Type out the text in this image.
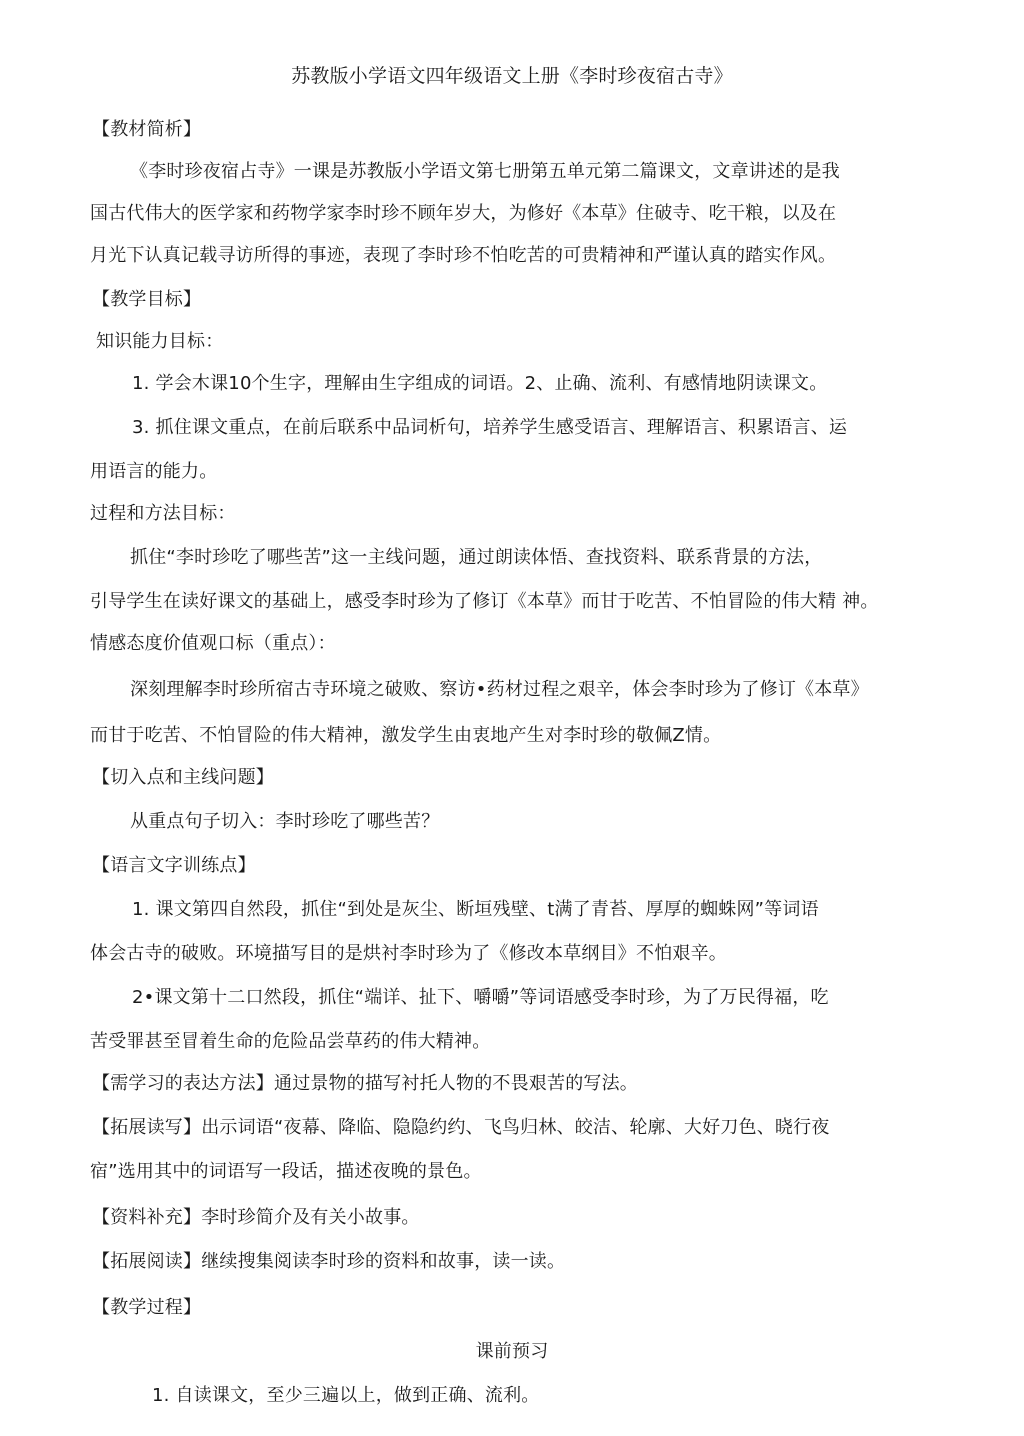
苏教版小学语文四年级语文上册《李时珍夜宿古寺》
【教材简析】
《李时珍夜宿占寺》一课是苏教版小学语文第七册第五单元第二篇课文，文章讲述的是我
国古代伟大的医学家和药物学家李时珍不顾年岁大，为修好《本草》住破寺、吃干粮，以及在
月光下认真记载寻访所得的事迹，表现了李时珍不怕吃苦的可贵精神和严谨认真的踏实作风。
【教学目标】
知识能力目标：
1. 学会木课10个生字，理解由生字组成的词语。2、止确、流利、有感情地阴读课文。
3. 抓住课文重点，在前后联系中品词析句，培养学生感受语言、理解语言、积累语言、运
用语言的能力。
过程和方法目标：
抓住“李时珍吃了哪些苦”这一主线问题，通过朗读体悟、查找资料、联系背景的方法，
引导学生在读好课文的基础上，感受李时珍为了修订《本草》而甘于吃苦、不怕冒险的伟大精 神。
情感态度价值观口标（重点）：
深刻理解李时珍所宿古寺环境之破败、察访•药材过程之艰辛，体会李时珍为了修订《本草》
而甘于吃苦、不怕冒险的伟大精神，激发学生由衷地产生对李时珍的敬佩Z情。
【切入点和主线问题】
从重点句子切入：李时珍吃了哪些苦？
【语言文字训练点】
1. 课文第四自然段，抓住“到处是灰尘、断垣残壁、t满了青苔、厚厚的蜘蛛网”等词语
体会古寺的破败。环境描写目的是烘衬李时珍为了《修改本草纲目》不怕艰辛。
2•课文第十二口然段，抓住“端详、扯下、嚼嚼”等词语感受李时珍，为了万民得福，吃
苦受罪甚至冒着生命的危险品尝草药的伟大精神。
【需学习的表达方法】通过景物的描写衬托人物的不畏艰苦的写法。
【拓展读写】出示词语“夜幕、降临、隐隐约约、飞鸟归林、皎洁、轮廓、大好刀色、晓行夜
宿”选用其中的词语写一段话，描述夜晚的景色。
【资料补充】李时珍简介及有关小故事。
【拓展阅读】继续搜集阅读李时珍的资料和故事，读一读。
【教学过程】
课前预习
1. 自读课文，至少三遍以上，做到正确、流利。
